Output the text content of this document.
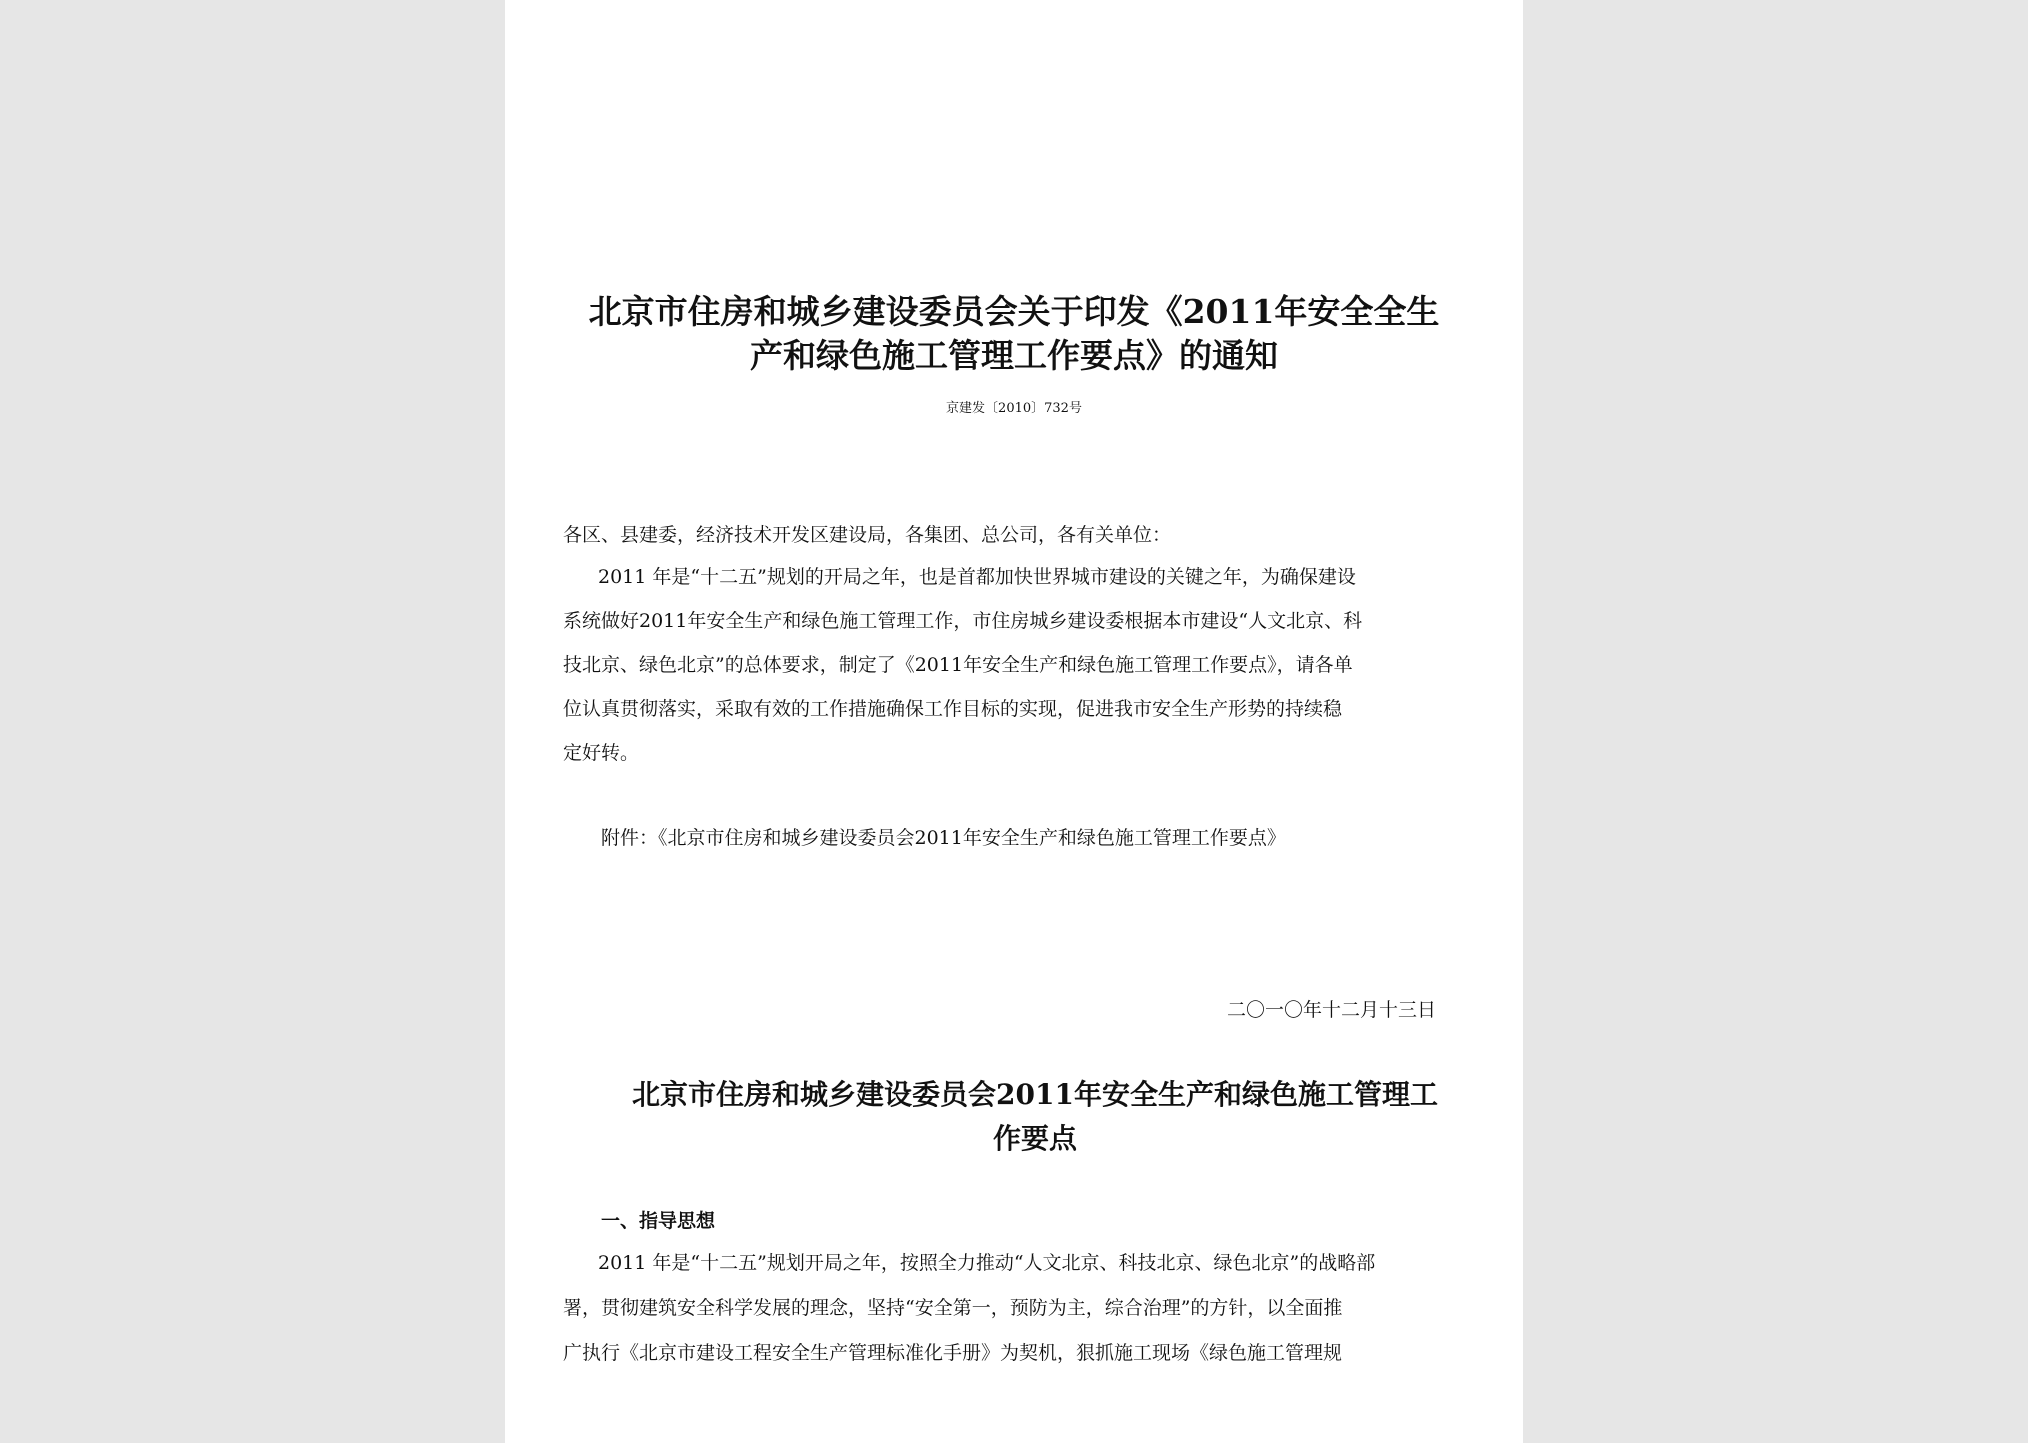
北京市住房和城乡建设委员会关于印发《2011年安全全生
产和绿色施工管理工作要点》的通知
京建发〔2010〕732号
各区、县建委，经济技术开发区建设局，各集团、总公司，各有关单位：
2011 年是“十二五”规划的开局之年，也是首都加快世界城市建设的关键之年，为确保建设
系统做好2011年安全生产和绿色施工管理工作，市住房城乡建设委根据本市建设“人文北京、科
技北京、绿色北京”的总体要求，制定了《2011年安全生产和绿色施工管理工作要点》，请各单
位认真贯彻落实，采取有效的工作措施确保工作目标的实现，促进我市安全生产形势的持续稳
定好转。
附件：《北京市住房和城乡建设委员会2011年安全生产和绿色施工管理工作要点》
二〇一〇年十二月十三日
北京市住房和城乡建设委员会2011年安全生产和绿色施工管理工
作要点
一、指导思想
2011 年是“十二五”规划开局之年，按照全力推动“人文北京、科技北京、绿色北京”的战略部
署，贯彻建筑安全科学发展的理念，坚持“安全第一，预防为主，综合治理”的方针，以全面推
广执行《北京市建设工程安全生产管理标准化手册》为契机，狠抓施工现场《绿色施工管理规
